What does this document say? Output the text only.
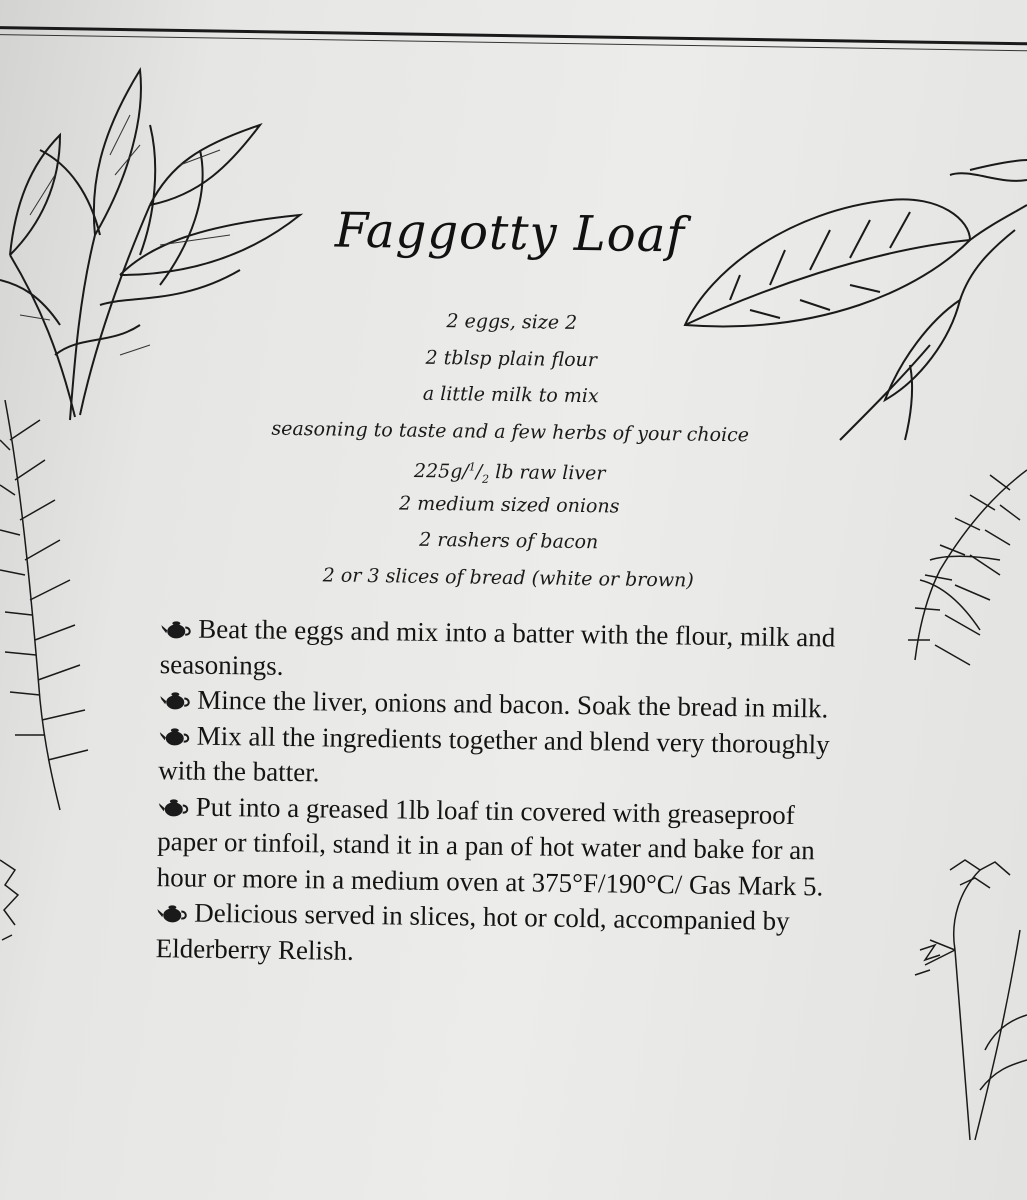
Faggotty Loaf
2 eggs, size 2
2 tblsp plain flour
a little milk to mix
seasoning to taste and a few herbs of your choice
$225g/^1/_2$ lb raw liver
2 medium sized onions
2 rashers of bacon
2 or 3 slices of bread (white or brown)

Beat the eggs and mix into a batter with the flour, milk and seasonings.

Mince the liver, onions and bacon. Soak the bread in milk.

Mix all the ingredients together and blend very thoroughly with the batter.

Put into a greased 1lb loaf tin covered with greaseproof paper or tinfoil, stand it in a pan of hot water and bake for an hour or more in a medium oven at 375°F/190°C/ Gas Mark 5.

Delicious served in slices, hot or cold, accompanied by Elderberry Relish.
